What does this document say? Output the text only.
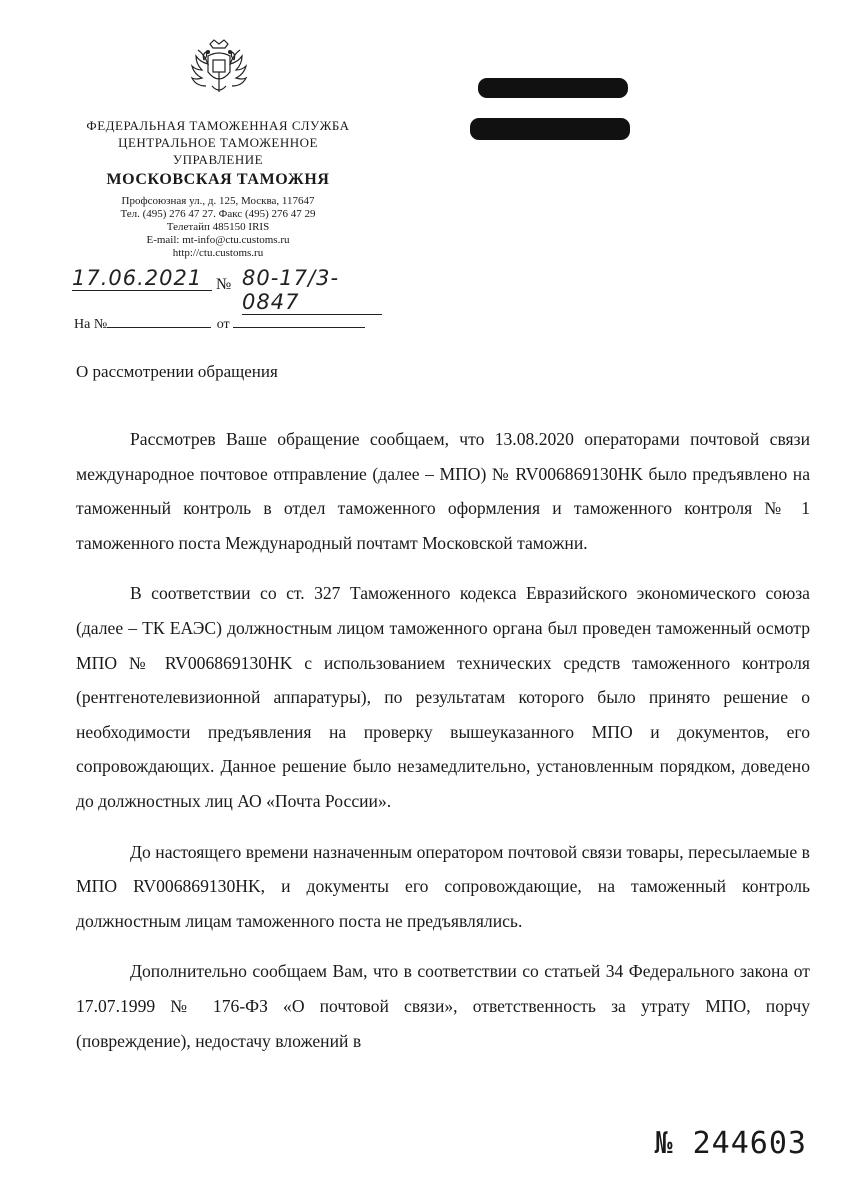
ФЕДЕРАЛЬНАЯ ТАМОЖЕННАЯ СЛУЖБА
ЦЕНТРАЛЬНОЕ ТАМОЖЕННОЕ
УПРАВЛЕНИЕ
МОСКОВСКАЯ ТАМОЖНЯ
Профсоюзная ул., д. 125, Москва, 117647
Тел. (495) 276 47 27. Факс (495) 276 47 29
Телетайп 485150 IRIS
E-mail: mt-info@ctu.customs.ru
http://ctu.customs.ru
17.06.2021 № 80-17/3-0847
На №	от
О рассмотрении обращения

Рассмотрев Ваше обращение сообщаем, что 13.08.2020 операторами почтовой связи международное почтовое отправление (далее – МПО) № RV006869130HK было предъявлено на таможенный контроль в отдел таможенного оформления и таможенного контроля № 1 таможенного поста Международный почтамт Московской таможни.

В соответствии со ст. 327 Таможенного кодекса Евразийского экономического союза (далее – ТК ЕАЭС) должностным лицом таможенного органа был проведен таможенный осмотр МПО № RV006869130HK с использованием технических средств таможенного контроля (рентгенотелевизионной аппаратуры), по результатам которого было принято решение о необходимости предъявления на проверку вышеуказанного МПО и документов, его сопровождающих. Данное решение было незамедлительно, установленным порядком, доведено до должностных лиц АО «Почта России».

До настоящего времени назначенным оператором почтовой связи товары, пересылаемые в МПО RV006869130HK, и документы его сопровождающие, на таможенный контроль должностным лицам таможенного поста не предъявлялись.

Дополнительно сообщаем Вам, что в соответствии со статьей 34 Федерального закона от 17.07.1999 № 176-ФЗ «О почтовой связи», ответственность за утрату МПО, порчу (повреждение), недостачу вложений в

№ 244603
